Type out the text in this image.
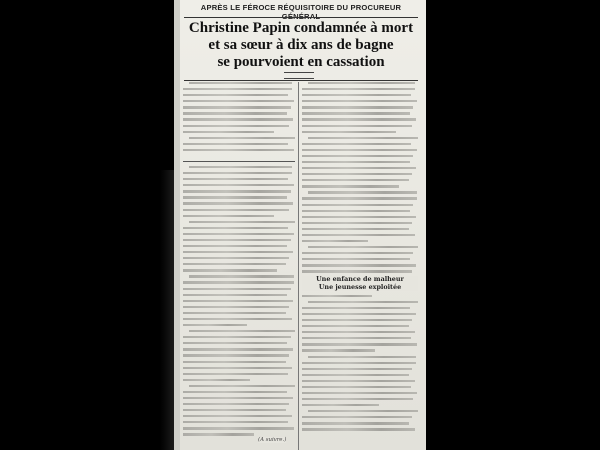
APRÈS LE FÉROCE RÉQUISITOIRE DU PROCUREUR
Christine Papin condamnée à mort
et sa sœur à dix ans de bagne
se pourvoient en cassation
Une enfance de malheur
Une jeunesse exploitée
(A suivre.)
